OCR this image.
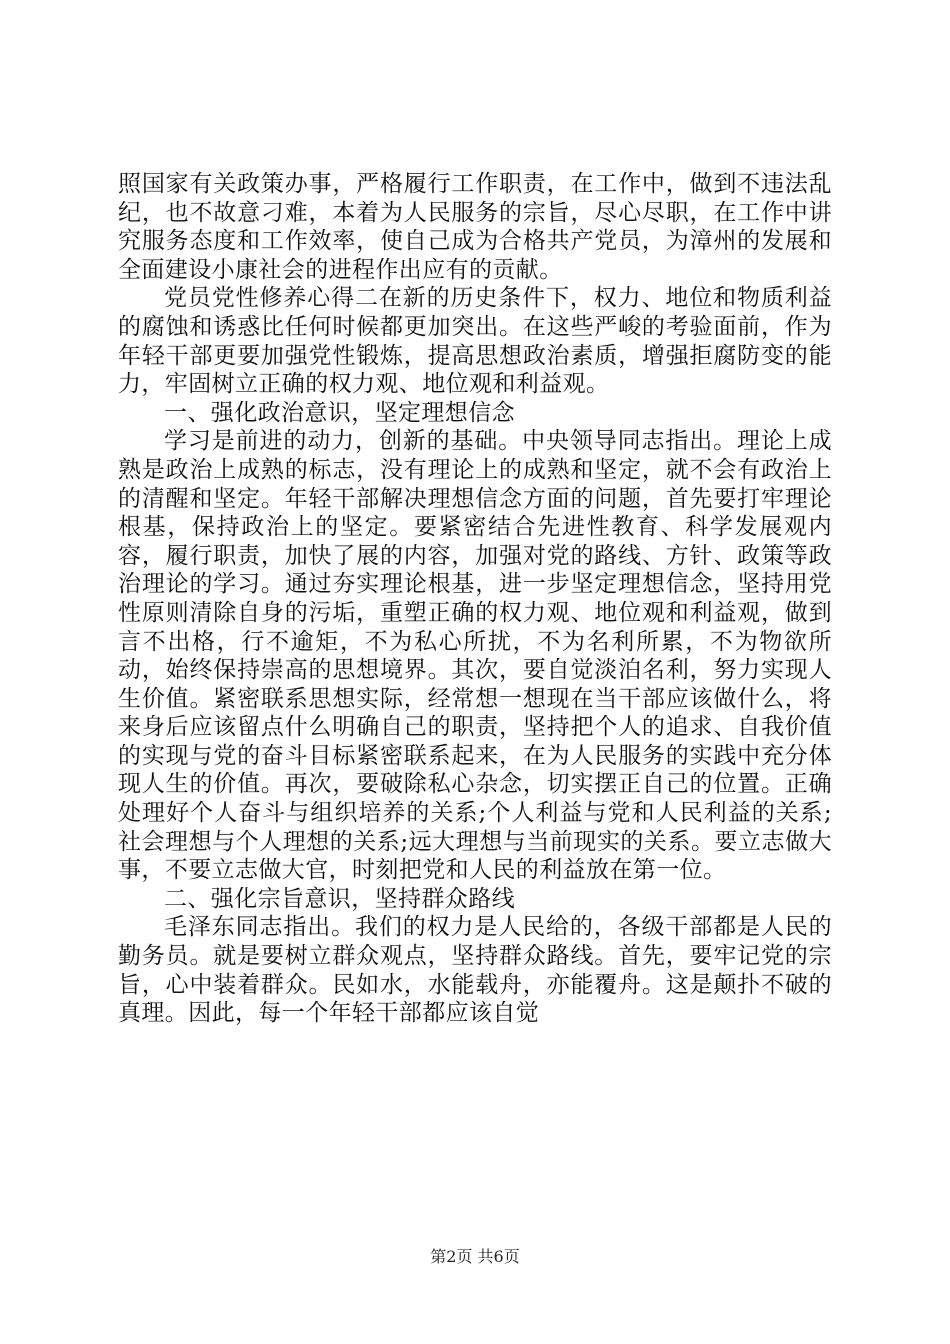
照国家有关政策办事，严格履行工作职责，在工作中，做到不违法乱纪，也不故意刁难，本着为人民服务的宗旨，尽心尽职，在工作中讲究服务态度和工作效率，使自己成为合格共产党员，为漳州的发展和全面建设小康社会的进程作出应有的贡献。

党员党性修养心得二在新的历史条件下，权力、地位和物质利益的腐蚀和诱惑比任何时候都更加突出。在这些严峻的考验面前，作为年轻干部更要加强党性锻炼，提高思想政治素质，增强拒腐防变的能力，牢固树立正确的权力观、地位观和利益观。

一、强化政治意识，坚定理想信念

学习是前进的动力，创新的基础。中央领导同志指出。理论上成熟是政治上成熟的标志，没有理论上的成熟和坚定，就不会有政治上的清醒和坚定。年轻干部解决理想信念方面的问题，首先要打牢理论根基，保持政治上的坚定。要紧密结合先进性教育、科学发展观内容，履行职责，加快了展的内容，加强对党的路线、方针、政策等政治理论的学习。通过夯实理论根基，进一步坚定理想信念，坚持用党性原则清除自身的污垢，重塑正确的权力观、地位观和利益观，做到言不出格，行不逾矩，不为私心所扰，不为名利所累，不为物欲所动，始终保持崇高的思想境界。其次，要自觉淡泊名利，努力实现人生价值。紧密联系思想实际，经常想一想现在当干部应该做什么，将来身后应该留点什么明确自己的职责，坚持把个人的追求、自我价值的实现与党的奋斗目标紧密联系起来，在为人民服务的实践中充分体现人生的价值。再次，要破除私心杂念，切实摆正自己的位置。正确处理好个人奋斗与组织培养的关系;个人利益与党和人民利益的关系;社会理想与个人理想的关系;远大理想与当前现实的关系。要立志做大事，不要立志做大官，时刻把党和人民的利益放在第一位。

二、强化宗旨意识，坚持群众路线

毛泽东同志指出。我们的权力是人民给的，各级干部都是人民的勤务员。就是要树立群众观点，坚持群众路线。首先，要牢记党的宗旨，心中装着群众。民如水，水能载舟，亦能覆舟。这是颠扑不破的真理。因此，每一个年轻干部都应该自觉

第2页 共6页
